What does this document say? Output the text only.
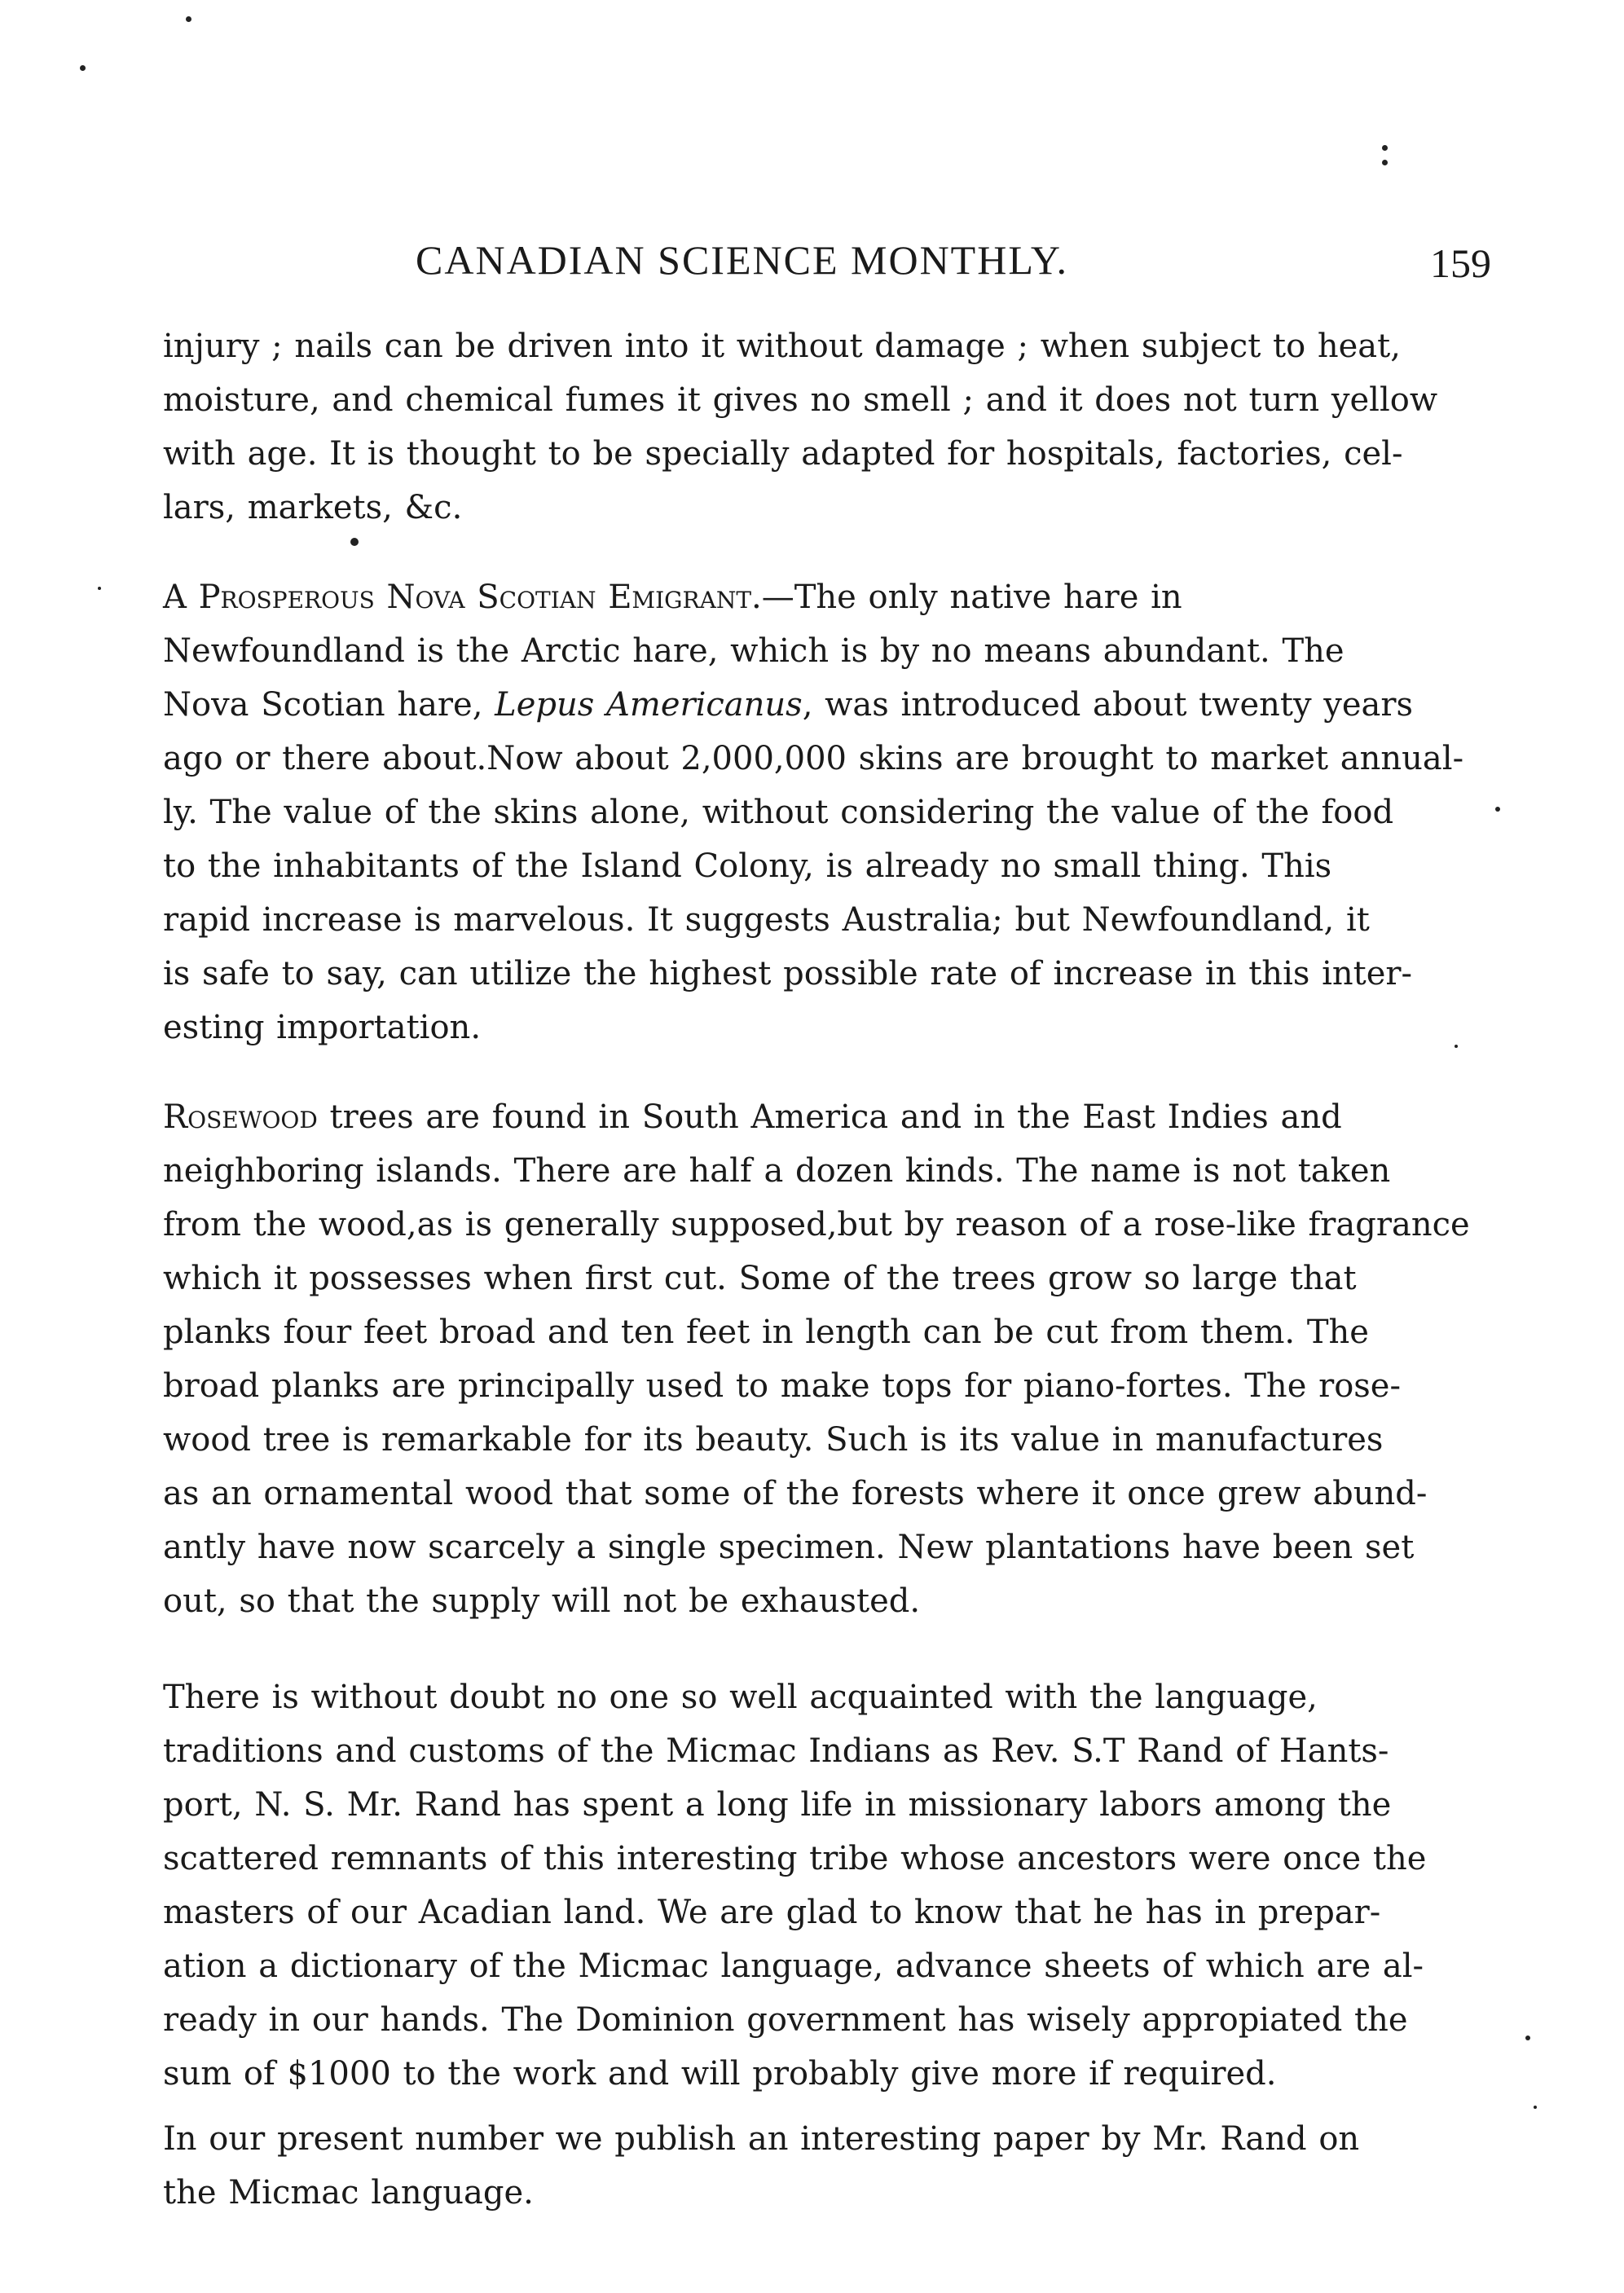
CANADIAN SCIENCE MONTHLY.	159

injury ; nails can be driven into it without damage ; when subject to heat,
moisture, and chemical fumes it gives no smell ; and it does not turn yellow
with age. It is thought to be specially adapted for hospitals, factories, cel-
lars, markets, &c.

A Prosperous Nova Scotian Emigrant.—The only native hare in
Newfoundland is the Arctic hare, which is by no means abundant. The
Nova Scotian hare, Lepus Americanus, was introduced about twenty years
ago or there about.Now about 2,000,000 skins are brought to market annual-
ly. The value of the skins alone, without considering the value of the food
to the inhabitants of the Island Colony, is already no small thing. This
rapid increase is marvelous. It suggests Australia; but Newfoundland, it
is safe to say, can utilize the highest possible rate of increase in this inter-
esting importation.

Rosewood trees are found in South America and in the East Indies and
neighboring islands. There are half a dozen kinds. The name is not taken
from the wood,as is generally supposed,but by reason of a rose-like fragrance
which it possesses when first cut. Some of the trees grow so large that
planks four feet broad and ten feet in length can be cut from them. The
broad planks are principally used to make tops for piano-fortes. The rose-
wood tree is remarkable for its beauty. Such is its value in manufactures
as an ornamental wood that some of the forests where it once grew abund-
antly have now scarcely a single specimen. New plantations have been set
out, so that the supply will not be exhausted.

There is without doubt no one so well acquainted with the language,
traditions and customs of the Micmac Indians as Rev. S.T Rand of Hants-
port, N. S. Mr. Rand has spent a long life in missionary labors among the
scattered remnants of this interesting tribe whose ancestors were once the
masters of our Acadian land. We are glad to know that he has in prepar-
ation a dictionary of the Micmac language, advance sheets of which are al-
ready in our hands. The Dominion government has wisely appropiated the
sum of $1000 to the work and will probably give more if required.

In our present number we publish an interesting paper by Mr. Rand on
the Micmac language.
